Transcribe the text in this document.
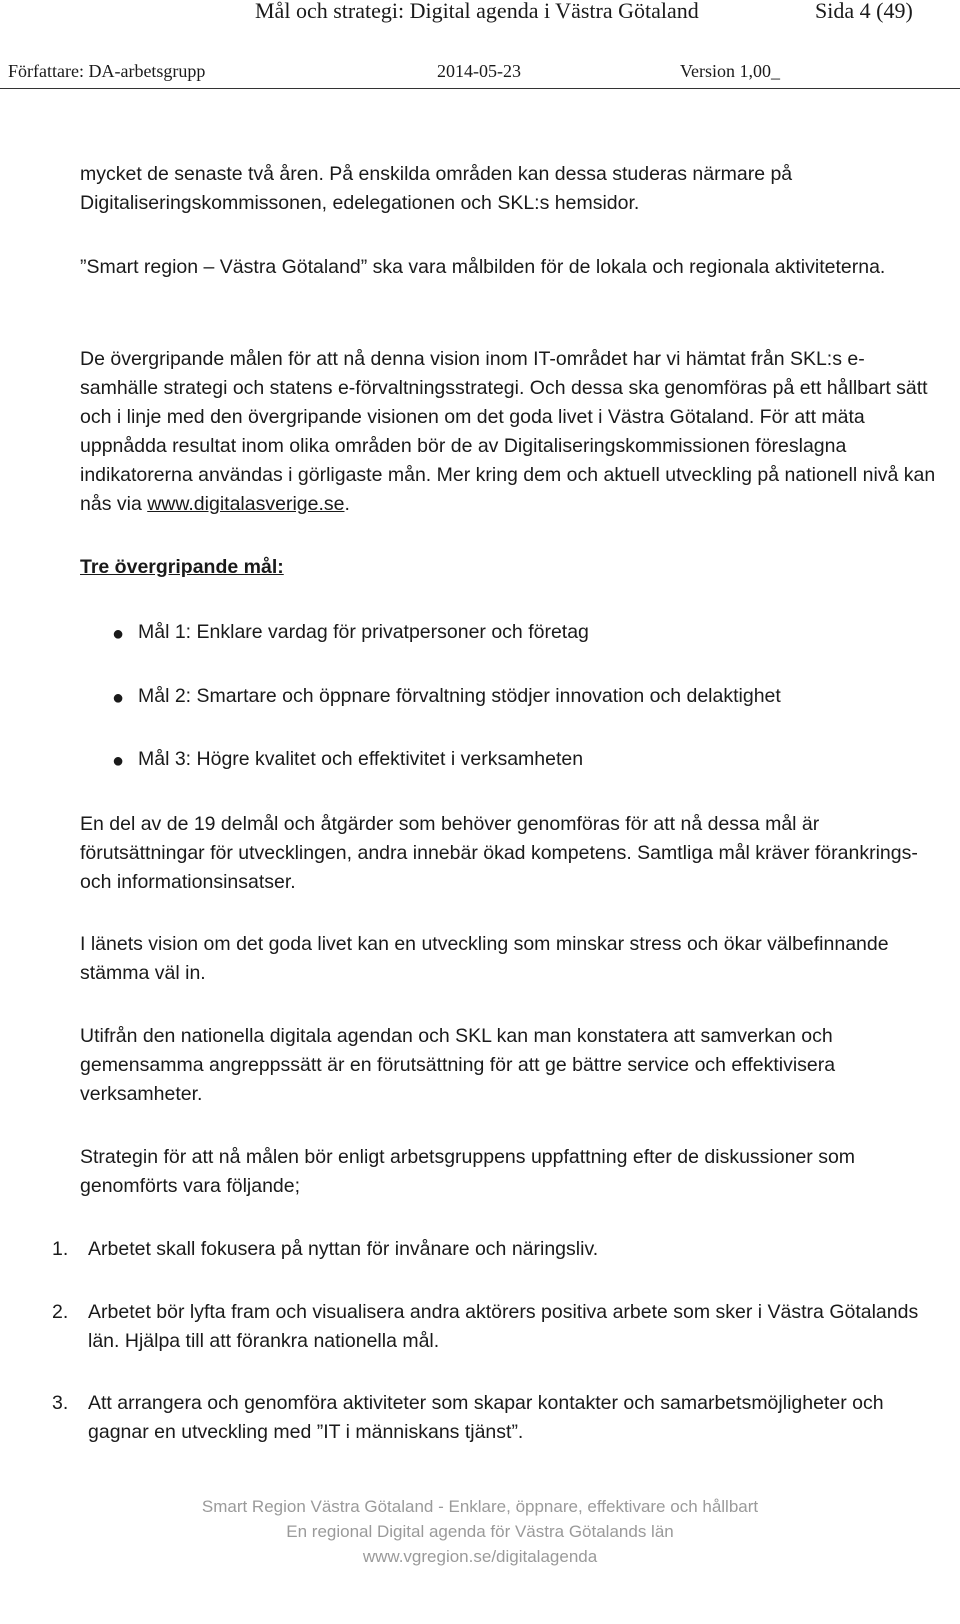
Mål och strategi: Digital agenda i Västra Götaland	Sida 4 (49)
Författare: DA-arbetsgrupp	2014-05-23	Version 1,00_

mycket de senaste två åren. På enskilda områden kan dessa studeras närmare på Digitaliseringskommissonen, edelegationen och SKL:s hemsidor.

”Smart region – Västra Götaland” ska vara målbilden för de lokala och regionala aktiviteterna.

De övergripande målen för att nå denna vision inom IT-området har vi hämtat från SKL:s e-samhälle strategi och statens e-förvaltningsstrategi. Och dessa ska genomföras på ett hållbart sätt och i linje med den övergripande visionen om det goda livet i Västra Götaland. För att mäta uppnådda resultat inom olika områden bör de av Digitaliseringskommissionen föreslagna indikatorerna användas i görligaste mån. Mer kring dem och aktuell utveckling på nationell nivå kan nås via www.digitalasverige.se.

Tre övergripande mål:

● Mål 1: Enklare vardag för privatpersoner och företag
● Mål 2: Smartare och öppnare förvaltning stödjer innovation och delaktighet
● Mål 3: Högre kvalitet och effektivitet i verksamheten

En del av de 19 delmål och åtgärder som behöver genomföras för att nå dessa mål är förutsättningar för utvecklingen, andra innebär ökad kompetens. Samtliga mål kräver förankrings- och informationsinsatser.

I länets vision om det goda livet kan en utveckling som minskar stress och ökar välbefinnande stämma väl in.

Utifrån den nationella digitala agendan och SKL kan man konstatera att samverkan och gemensamma angreppssätt är en förutsättning för att ge bättre service och effektivisera verksamheter.

Strategin för att nå målen bör enligt arbetsgruppens uppfattning efter de diskussioner som genomförts vara följande;

1. Arbetet skall fokusera på nyttan för invånare och näringsliv.

2. Arbetet bör lyfta fram och visualisera andra aktörers positiva arbete som sker i Västra Götalands län. Hjälpa till att förankra nationella mål.

3. Att arrangera och genomföra aktiviteter som skapar kontakter och samarbetsmöjligheter och gagnar en utveckling med ”IT i människans tjänst”.

Smart Region Västra Götaland - Enklare, öppnare, effektivare och hållbart
En regional Digital agenda för Västra Götalands län
www.vgregion.se/digitalagenda
